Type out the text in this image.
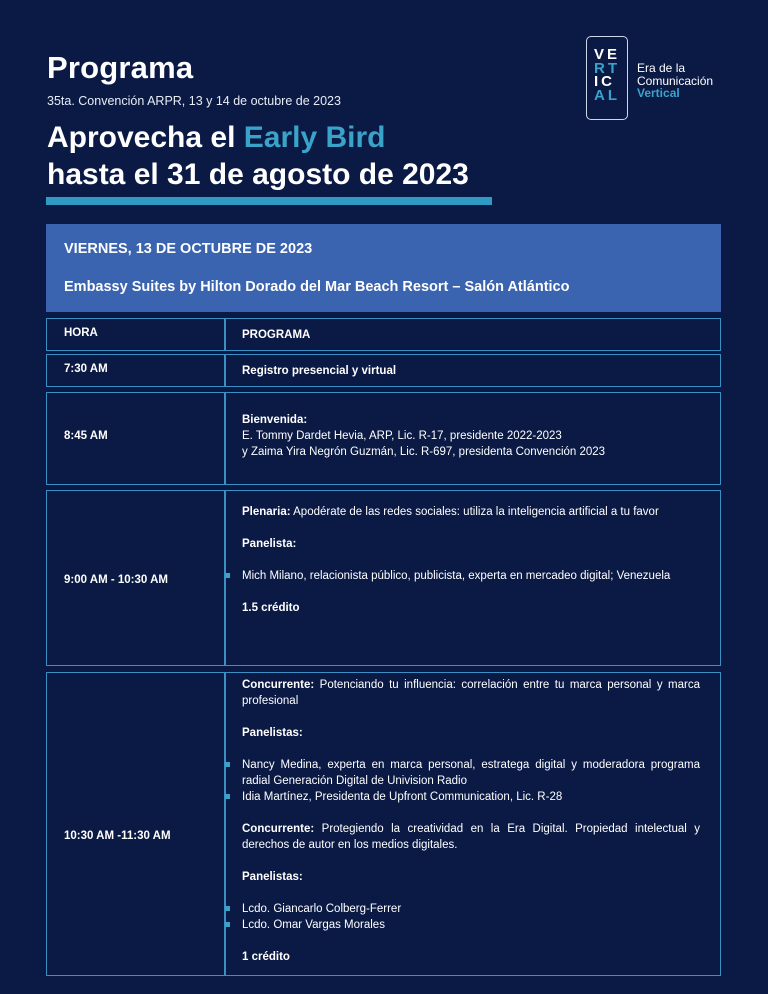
Programa
35ta. Convención ARPR, 13 y 14 de octubre de 2023
Aprovecha el Early Bird
hasta el 31 de agosto de 2023
VE
RT
IC
AL
Era de la
Comunicación
Vertical
VIERNES, 13 DE OCTUBRE DE 2023
Embassy Suites by Hilton Dorado del Mar Beach Resort – Salón Atlántico
HORA	PROGRAMA
7:30 AM	Registro presencial y virtual
8:45 AM
Bienvenida:
E. Tommy Dardet Hevia, ARP, Lic. R-17, presidente 2022-2023
y Zaima Yira Negrón Guzmán, Lic. R-697, presidenta Convención 2023
9:00 AM - 10:30 AM
Plenaria: Apodérate de las redes sociales: utiliza la inteligencia artificial a tu favor
Panelista:
Mich Milano, relacionista público, publicista, experta en mercadeo digital; Venezuela
1.5 crédito
10:30 AM -11:30 AM
Concurrente: Potenciando tu influencia: correlación entre tu marca personal y marca profesional
Panelistas:
Nancy Medina, experta en marca personal, estratega digital y moderadora programa radial Generación Digital de Univision Radio
Idia Martínez, Presidenta de Upfront Communication, Lic. R-28
Concurrente: Protegiendo la creatividad en la Era Digital. Propiedad intelectual y derechos de autor en los medios digitales.
Panelistas:
Lcdo. Giancarlo Colberg-Ferrer
Lcdo. Omar Vargas Morales
1 crédito
